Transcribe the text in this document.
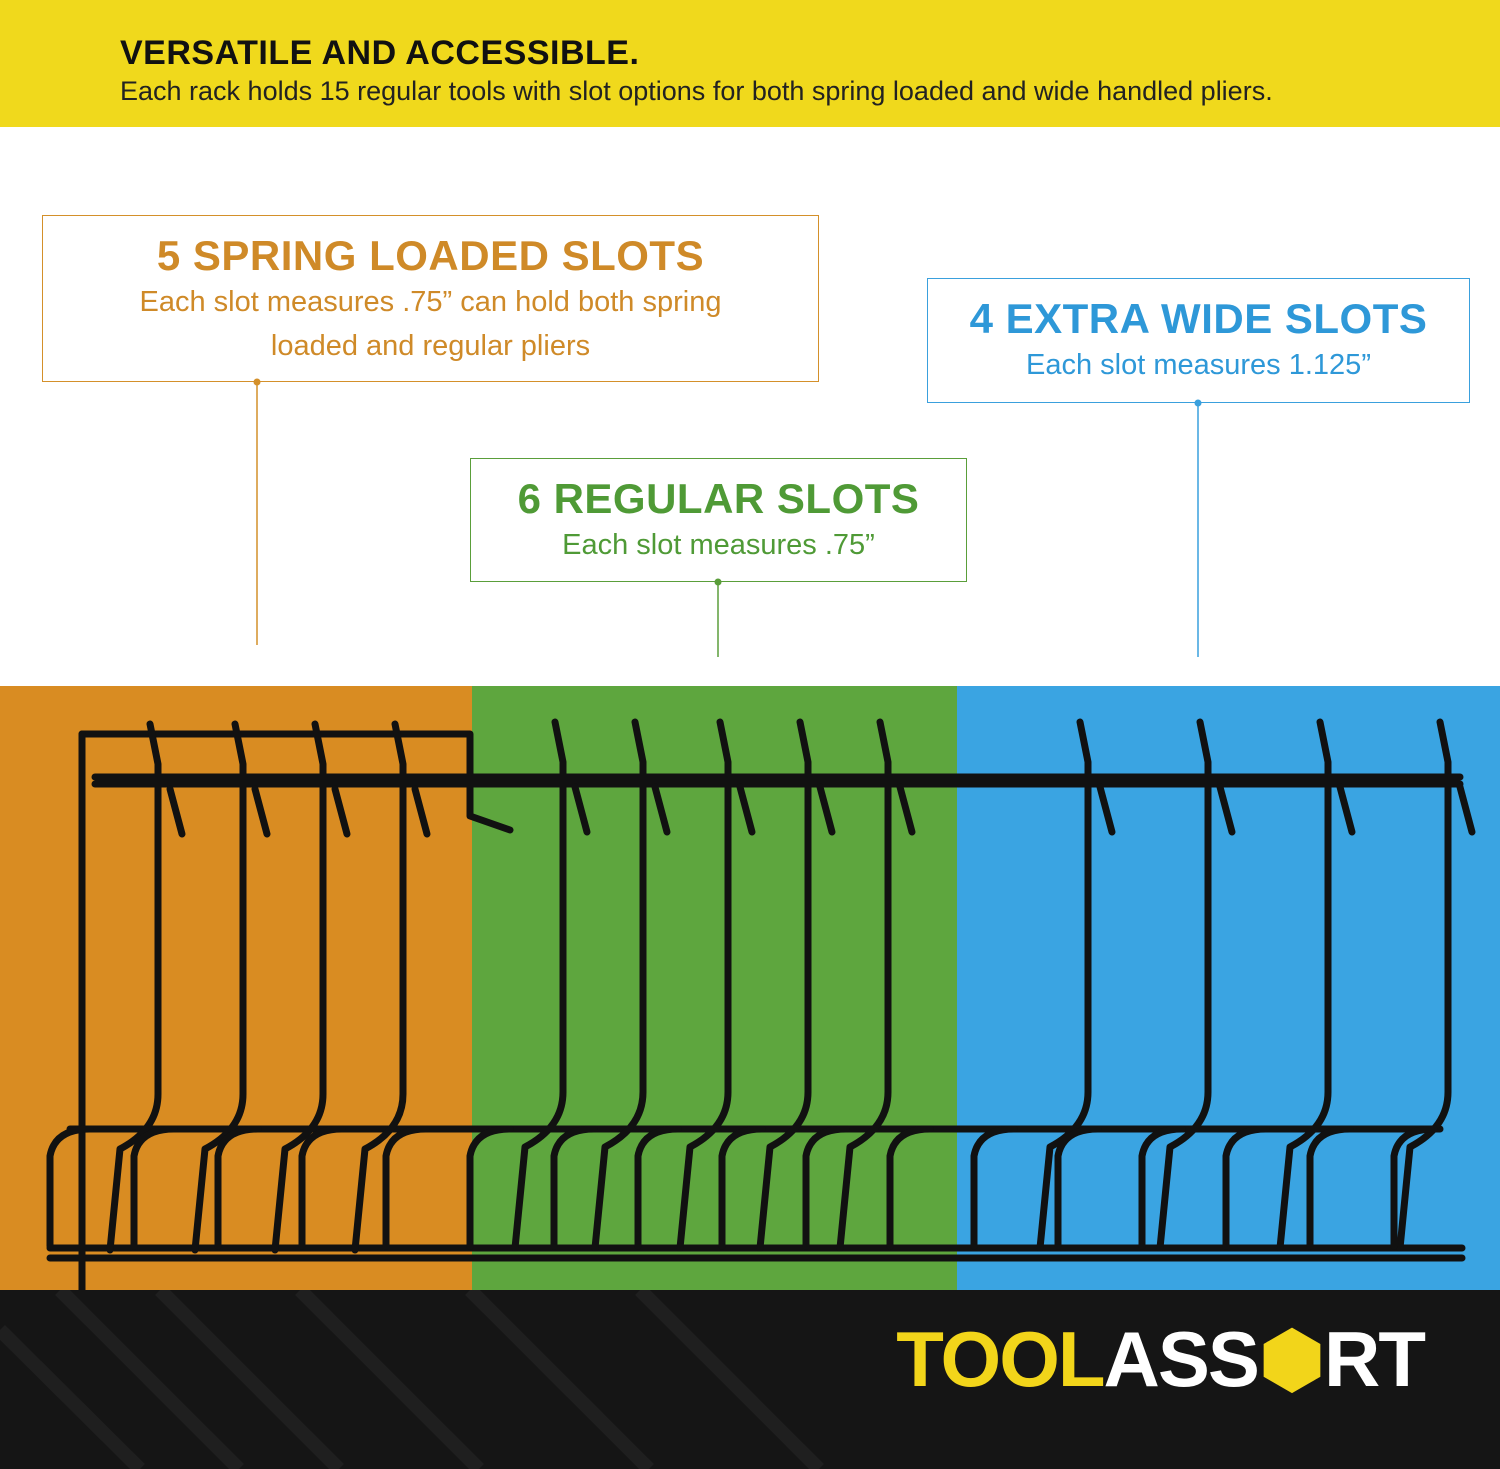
VERSATILE AND ACCESSIBLE.
Each rack holds 15 regular tools with slot options for both spring loaded and wide handled pliers.
5 SPRING LOADED SLOTS
Each slot measures .75” can hold both spring
loaded and regular pliers
4 EXTRA WIDE SLOTS
Each slot measures 1.125”
6 REGULAR SLOTS
Each slot measures .75”
TOOLASS⬢RT
